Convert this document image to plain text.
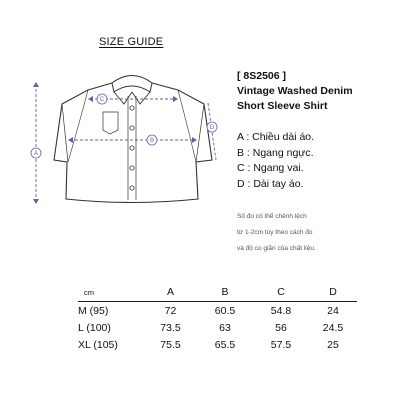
SIZE GUIDE
A
B
C
D
[ 8S2506 ]
Vintage Washed Denim
Short Sleeve Shirt
A : Chiều dài áo.
B : Ngang ngực.
C : Ngang vai.
D : Dài tay áo.
Số đo có thể chênh lệch
từ 1-2cm tùy theo cách đo
và độ co giãn của chất liệu.
cm	A	B	C	D
M (95)	72	60.5	54.8	24
L (100)	73.5	63	56	24.5
XL (105)	75.5	65.5	57.5	25
